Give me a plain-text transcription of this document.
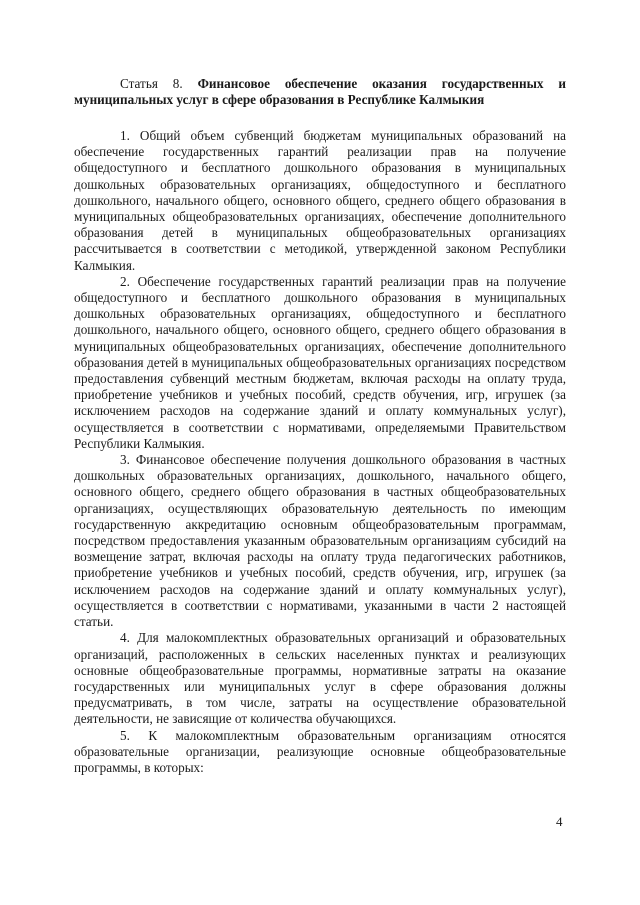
Статья 8. Финансовое обеспечение оказания государственных и муниципальных услуг в сфере образования в Республике Калмыкия

1. Общий объем субвенций бюджетам муниципальных образований на обеспечение государственных гарантий реализации прав на получение общедоступного и бесплатного дошкольного образования в муниципальных дошкольных образовательных организациях, общедоступного и бесплатного дошкольного, начального общего, основного общего, среднего общего образования в муниципальных общеобразовательных организациях, обеспечение дополнительного образования детей в муниципальных общеобразовательных организациях рассчитывается в соответствии с методикой, утвержденной законом Республики Калмыкия.

2. Обеспечение государственных гарантий реализации прав на получение общедоступного и бесплатного дошкольного образования в муниципальных дошкольных образовательных организациях, общедоступного и бесплатного дошкольного, начального общего, основного общего, среднего общего образования в муниципальных общеобразовательных организациях, обеспечение дополнительного образования детей в муниципальных общеобразовательных организациях посредством предоставления субвенций местным бюджетам, включая расходы на оплату труда, приобретение учебников и учебных пособий, средств обучения, игр, игрушек (за исключением расходов на содержание зданий и оплату коммунальных услуг), осуществляется в соответствии с нормативами, определяемыми Правительством Республики Калмыкия.

3. Финансовое обеспечение получения дошкольного образования в частных дошкольных образовательных организациях, дошкольного, начального общего, основного общего, среднего общего образования в частных общеобразовательных организациях, осуществляющих образовательную деятельность по имеющим государственную аккредитацию основным общеобразовательным программам, посредством предоставления указанным образовательным организациям субсидий на возмещение затрат, включая расходы на оплату труда педагогических работников, приобретение учебников и учебных пособий, средств обучения, игр, игрушек (за исключением расходов на содержание зданий и оплату коммунальных услуг), осуществляется в соответствии с нормативами, указанными в части 2 настоящей статьи.

4. Для малокомплектных образовательных организаций и образовательных организаций, расположенных в сельских населенных пунктах и реализующих основные общеобразовательные программы, нормативные затраты на оказание государственных или муниципальных услуг в сфере образования должны предусматривать, в том числе, затраты на осуществление образовательной деятельности, не зависящие от количества обучающихся.

5. К малокомплектным образовательным организациям относятся образовательные организации, реализующие основные общеобразовательные программы, в которых:

4
